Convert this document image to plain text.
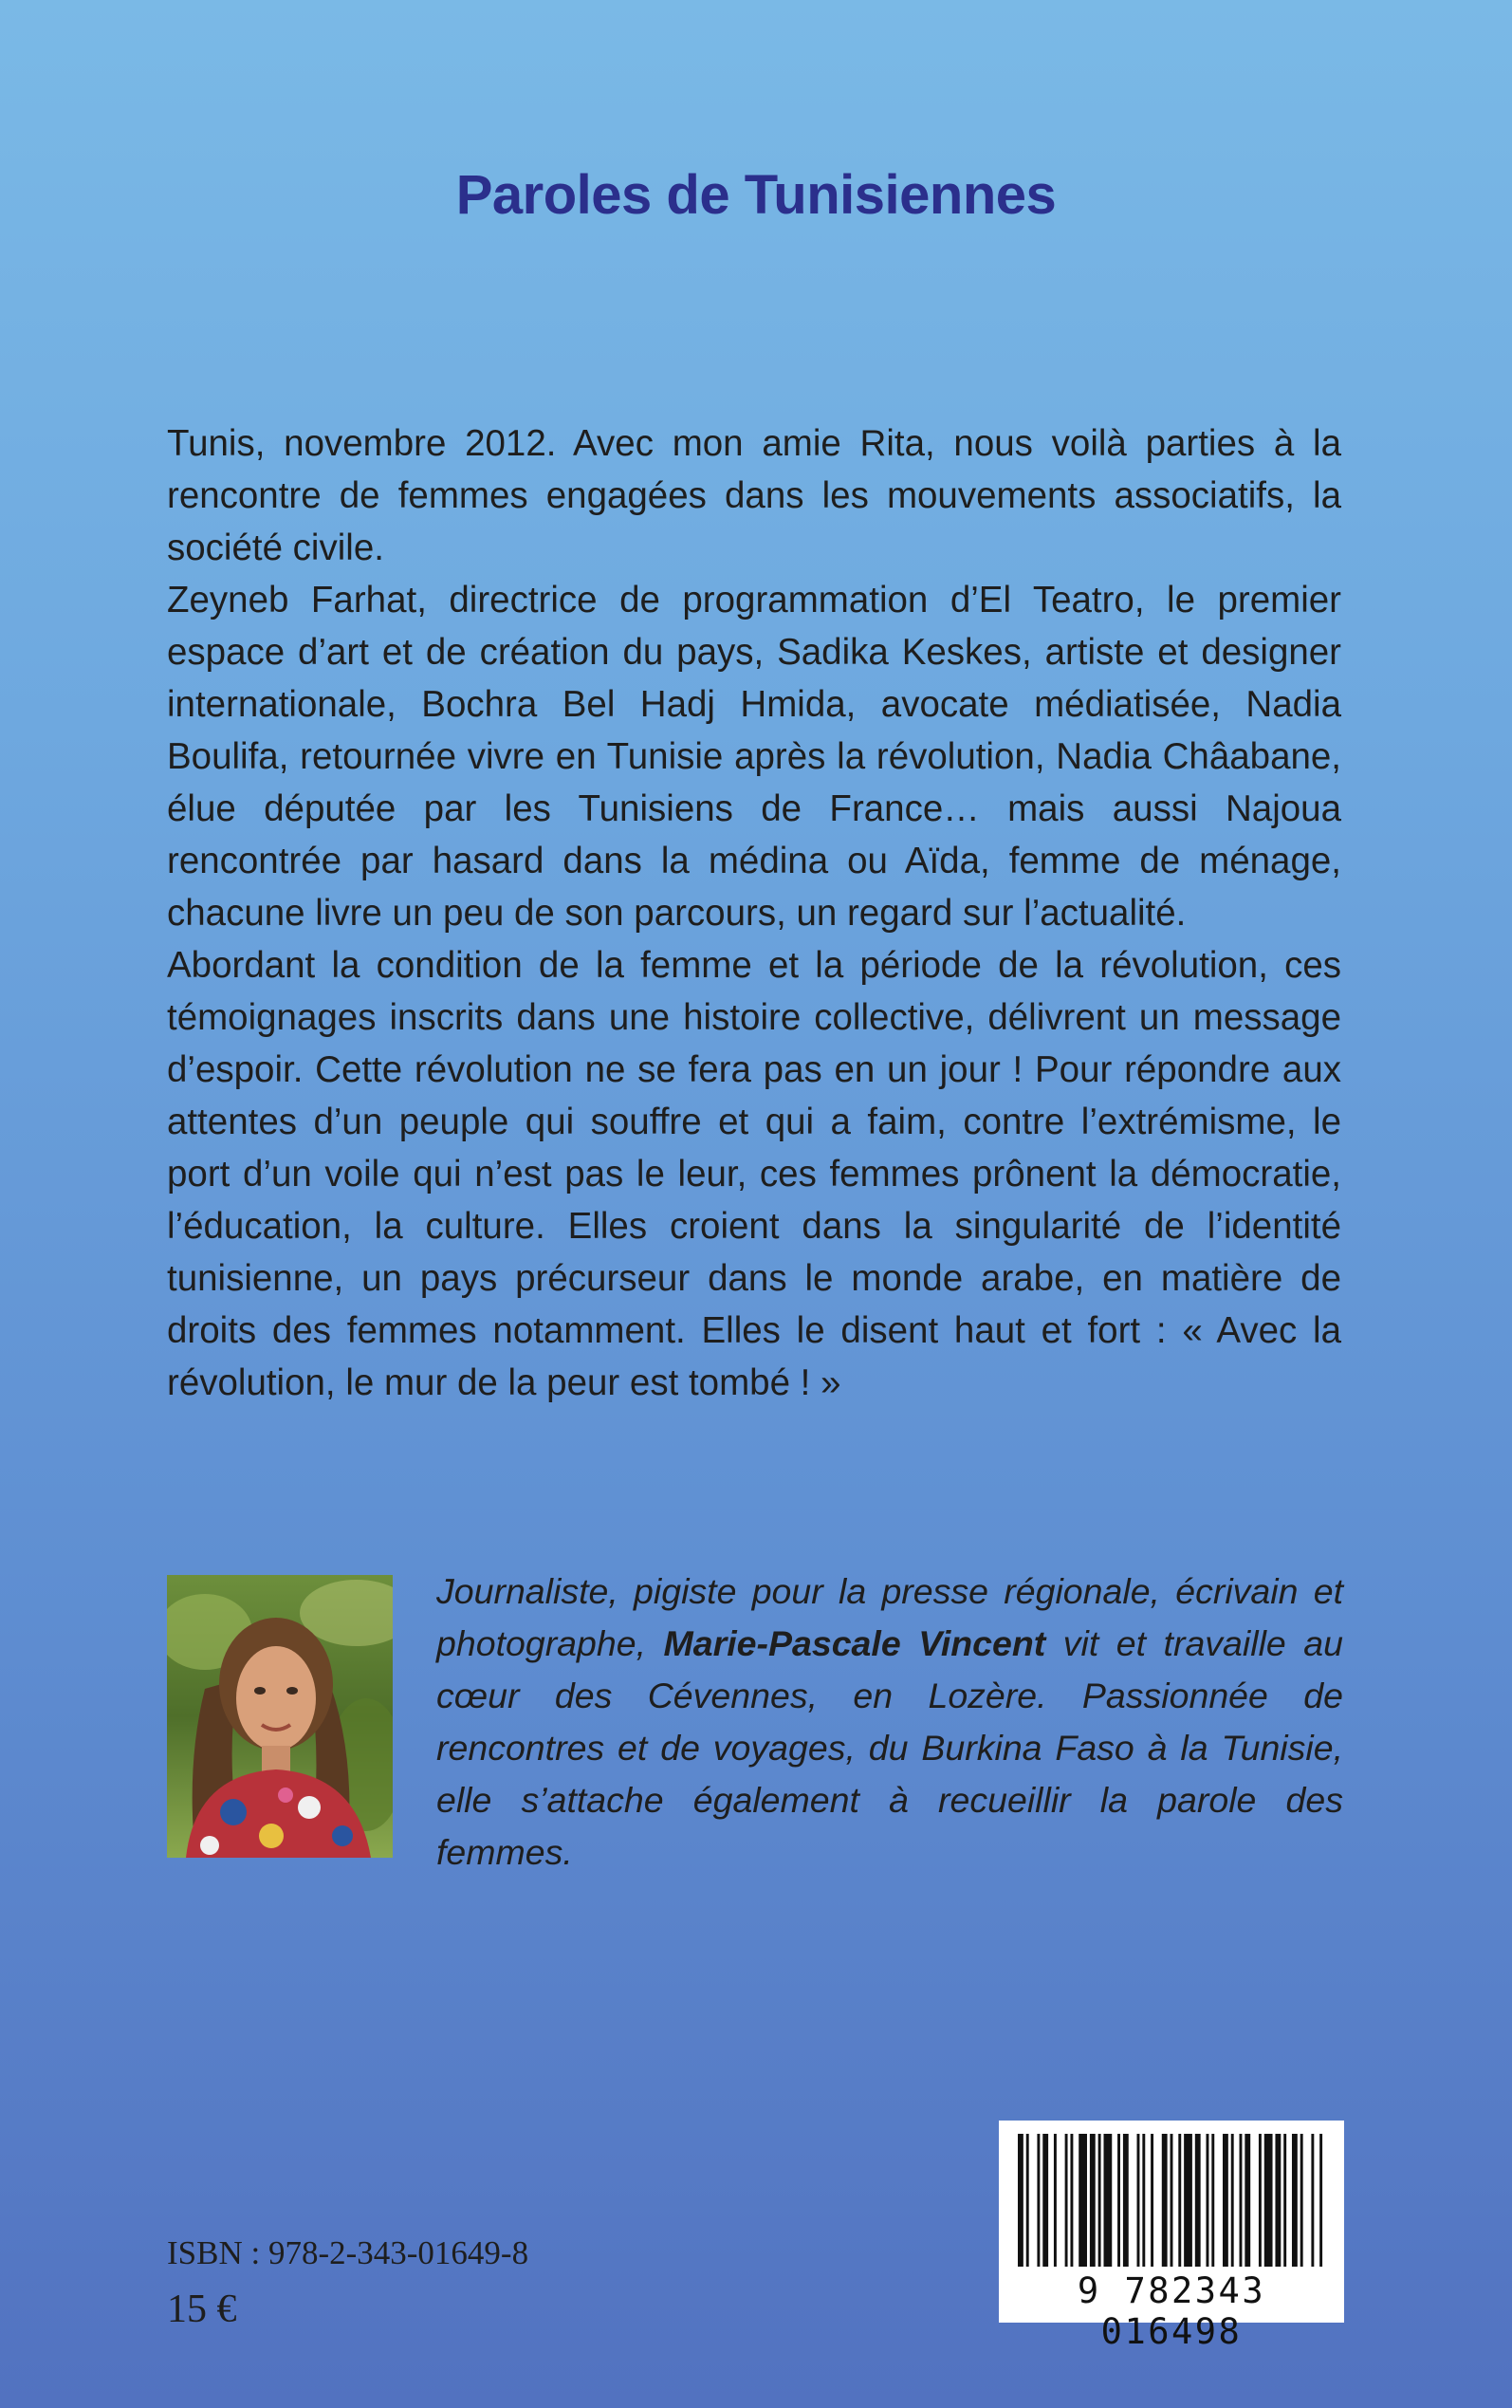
Paroles de Tunisiennes

Tunis, novembre 2012. Avec mon amie Rita, nous voilà parties à la rencontre de femmes engagées dans les mouvements associatifs, la société civile.

Zeyneb Farhat, directrice de programmation d’El Teatro, le premier espace d’art et de création du pays, Sadika Keskes, artiste et designer internationale, Bochra Bel Hadj Hmida, avocate médiatisée, Nadia Boulifa, retournée vivre en Tunisie après la révolution, Nadia Châabane, élue députée par les Tunisiens de France… mais aussi Najoua rencontrée par hasard dans la médina ou Aïda, femme de ménage, chacune livre un peu de son parcours, un regard sur l’actualité.

Abordant la condition de la femme et la période de la révolution, ces témoignages inscrits dans une histoire collective, délivrent un message d’espoir. Cette révolution ne se fera pas en un jour ! Pour répondre aux attentes d’un peuple qui souffre et qui a faim, contre l’extrémisme, le port d’un voile qui n’est pas le leur, ces femmes prônent la démocratie, l’éducation, la culture. Elles croient dans la singularité de l’identité tunisienne, un pays précurseur dans le monde arabe, en matière de droits des femmes notamment. Elles le disent haut et fort : « Avec la révolution, le mur de la peur est tombé ! »

Journaliste, pigiste pour la presse régionale, écrivain et photographe, Marie-Pascale Vincent vit et travaille au cœur des Cévennes, en Lozère. Passionnée de rencontres et de voyages, du Burkina Faso à la Tunisie, elle s’attache également à recueillir la parole des femmes.
ISBN : 978-2-343-01649-8
15 €	9 782343 016498
